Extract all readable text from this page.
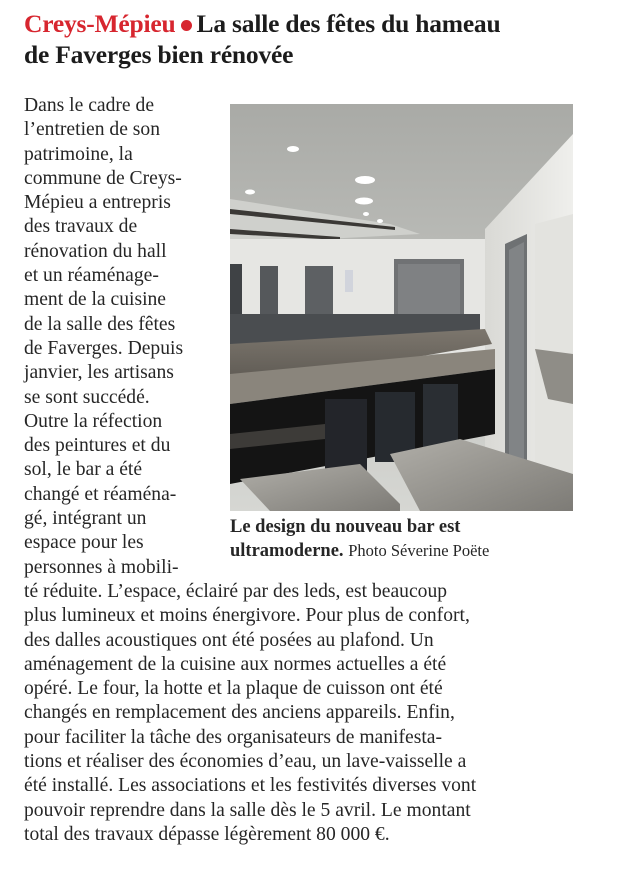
Creys-Mépieu La salle des fêtes du hameau
de Faverges bien rénovée
Dans le cadre de
l’entretien de son
patrimoine, la
commune de Creys-
Mépieu a entrepris
des travaux de
rénovation du hall
et un réaménage-
ment de la cuisine
de la salle des fêtes
de Faverges. Depuis
janvier, les artisans
se sont succédé.
Outre la réfection
des peintures et du
sol, le bar a été
changé et réaména-
gé, intégrant un
espace pour les
personnes à mobili-
Le design du nouveau bar est
ultramoderne. Photo Séverine Poëte
té réduite. L’espace, éclairé par des leds, est beaucoup
plus lumineux et moins énergivore. Pour plus de confort,
des dalles acoustiques ont été posées au plafond. Un
aménagement de la cuisine aux normes actuelles a été
opéré. Le four, la hotte et la plaque de cuisson ont été
changés en remplacement des anciens appareils. Enfin,
pour faciliter la tâche des organisateurs de manifesta-
tions et réaliser des économies d’eau, un lave-vaisselle a
été installé. Les associations et les festivités diverses vont
pouvoir reprendre dans la salle dès le 5 avril. Le montant
total des travaux dépasse légèrement 80 000 €.
